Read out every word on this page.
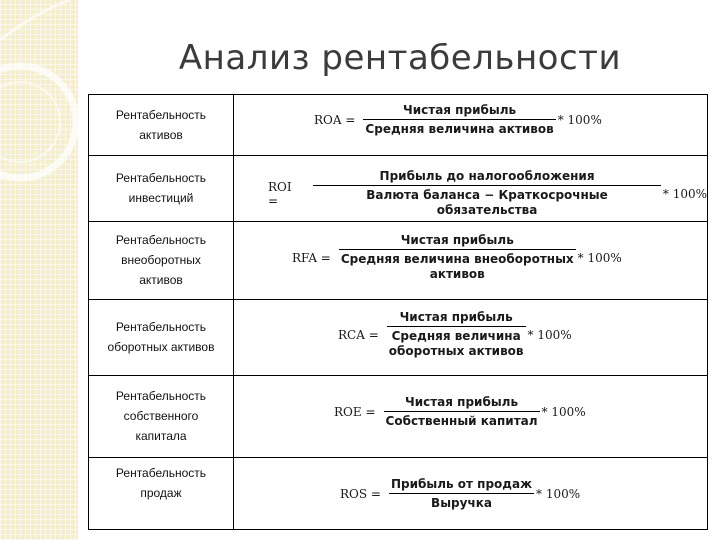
Анализ рентабельности
Рентабельность
активов
ROA = $\frac{\text{Чистая прибыль}}{\text{Средняя величина активов}} * 100\%$
Рентабельность
инвестиций
ROI =	$\frac{\text{Прибыль до налогообложения}}{\text{Валюта баланса − Краткосрочные обязательства}} * 100\%$
Рентабельность
внеоборотных
активов
RFA = Чистая прибыль
Средняя величина внеоборотных
активов * 100%
Рентабельность
оборотных активов
RCA = Чистая прибыль
Средняя величина
оборотных активов * 100%
Рентабельность
собственного
капитала
ROE = $\frac{\text{Чистая прибыль}}{\text{Собственный капитал}} * 100\%$
Рентабельность
продаж	ROS = $\frac{\text{Прибыль от продаж}}{\text{Выручка}} * 100\%$
